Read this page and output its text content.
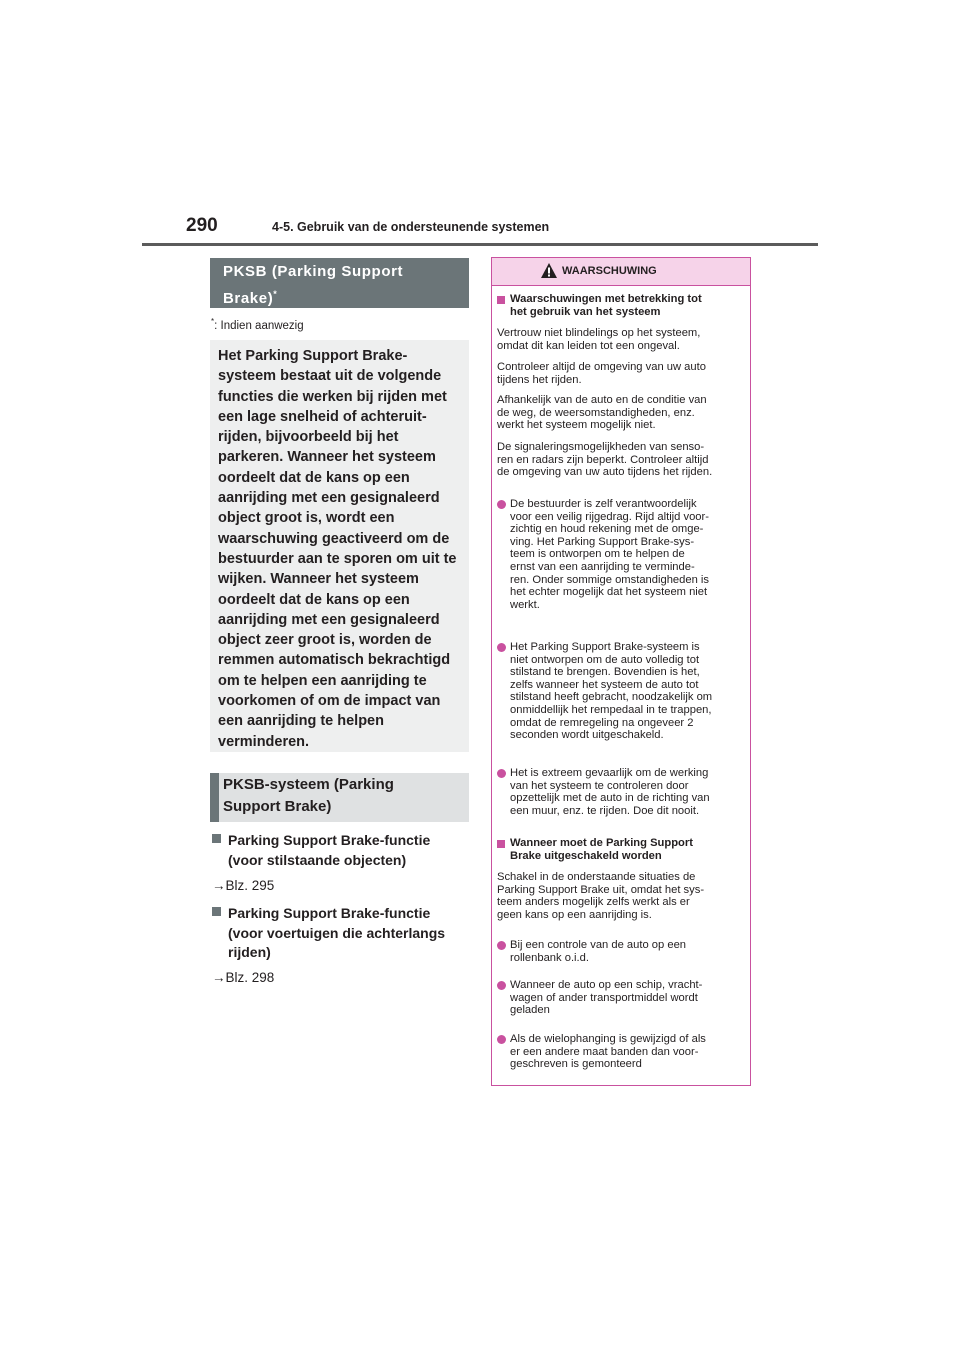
290	4-5. Gebruik van de ondersteunende systemen
PKSB (Parking Support
Brake)*
*: Indien aanwezig
Het Parking Support Brake-
systeem bestaat uit de volgende
functies die werken bij rijden met
een lage snelheid of achteruit-
rijden, bijvoorbeeld bij het
parkeren. Wanneer het systeem
oordeelt dat de kans op een
aanrijding met een gesignaleerd
object groot is, wordt een
waarschuwing geactiveerd om de
bestuurder aan te sporen om uit te
wijken. Wanneer het systeem
oordeelt dat de kans op een
aanrijding met een gesignaleerd
object zeer groot is, worden de
remmen automatisch bekrachtigd
om te helpen een aanrijding te
voorkomen of om de impact van
een aanrijding te helpen
verminderen.
PKSB-systeem (Parking
Support Brake)
Parking Support Brake-functie
(voor stilstaande objecten)
→Blz. 295
Parking Support Brake-functie
(voor voertuigen die achterlangs
rijden)
→Blz. 298
WAARSCHUWING
Waarschuwingen met betrekking tot
het gebruik van het systeem
Vertrouw niet blindelings op het systeem,
omdat dit kan leiden tot een ongeval.
Controleer altijd de omgeving van uw auto
tijdens het rijden.
Afhankelijk van de auto en de conditie van
de weg, de weersomstandigheden, enz.
werkt het systeem mogelijk niet.
De signaleringsmogelijkheden van senso-
ren en radars zijn beperkt. Controleer altijd
de omgeving van uw auto tijdens het rijden.
De bestuurder is zelf verantwoordelijk
voor een veilig rijgedrag. Rijd altijd voor-
zichtig en houd rekening met de omge-
ving. Het Parking Support Brake-sys-
teem is ontworpen om te helpen de
ernst van een aanrijding te verminde-
ren. Onder sommige omstandigheden is
het echter mogelijk dat het systeem niet
werkt.
Het Parking Support Brake-systeem is
niet ontworpen om de auto volledig tot
stilstand te brengen. Bovendien is het,
zelfs wanneer het systeem de auto tot
stilstand heeft gebracht, noodzakelijk om
onmiddellijk het rempedaal in te trappen,
omdat de remregeling na ongeveer 2
seconden wordt uitgeschakeld.
Het is extreem gevaarlijk om de werking
van het systeem te controleren door
opzettelijk met de auto in de richting van
een muur, enz. te rijden. Doe dit nooit.
Wanneer moet de Parking Support
Brake uitgeschakeld worden
Schakel in de onderstaande situaties de
Parking Support Brake uit, omdat het sys-
teem anders mogelijk zelfs werkt als er
geen kans op een aanrijding is.
Bij een controle van de auto op een
rollenbank o.i.d.
Wanneer de auto op een schip, vracht-
wagen of ander transportmiddel wordt
geladen
Als de wielophanging is gewijzigd of als
er een andere maat banden dan voor-
geschreven is gemonteerd
